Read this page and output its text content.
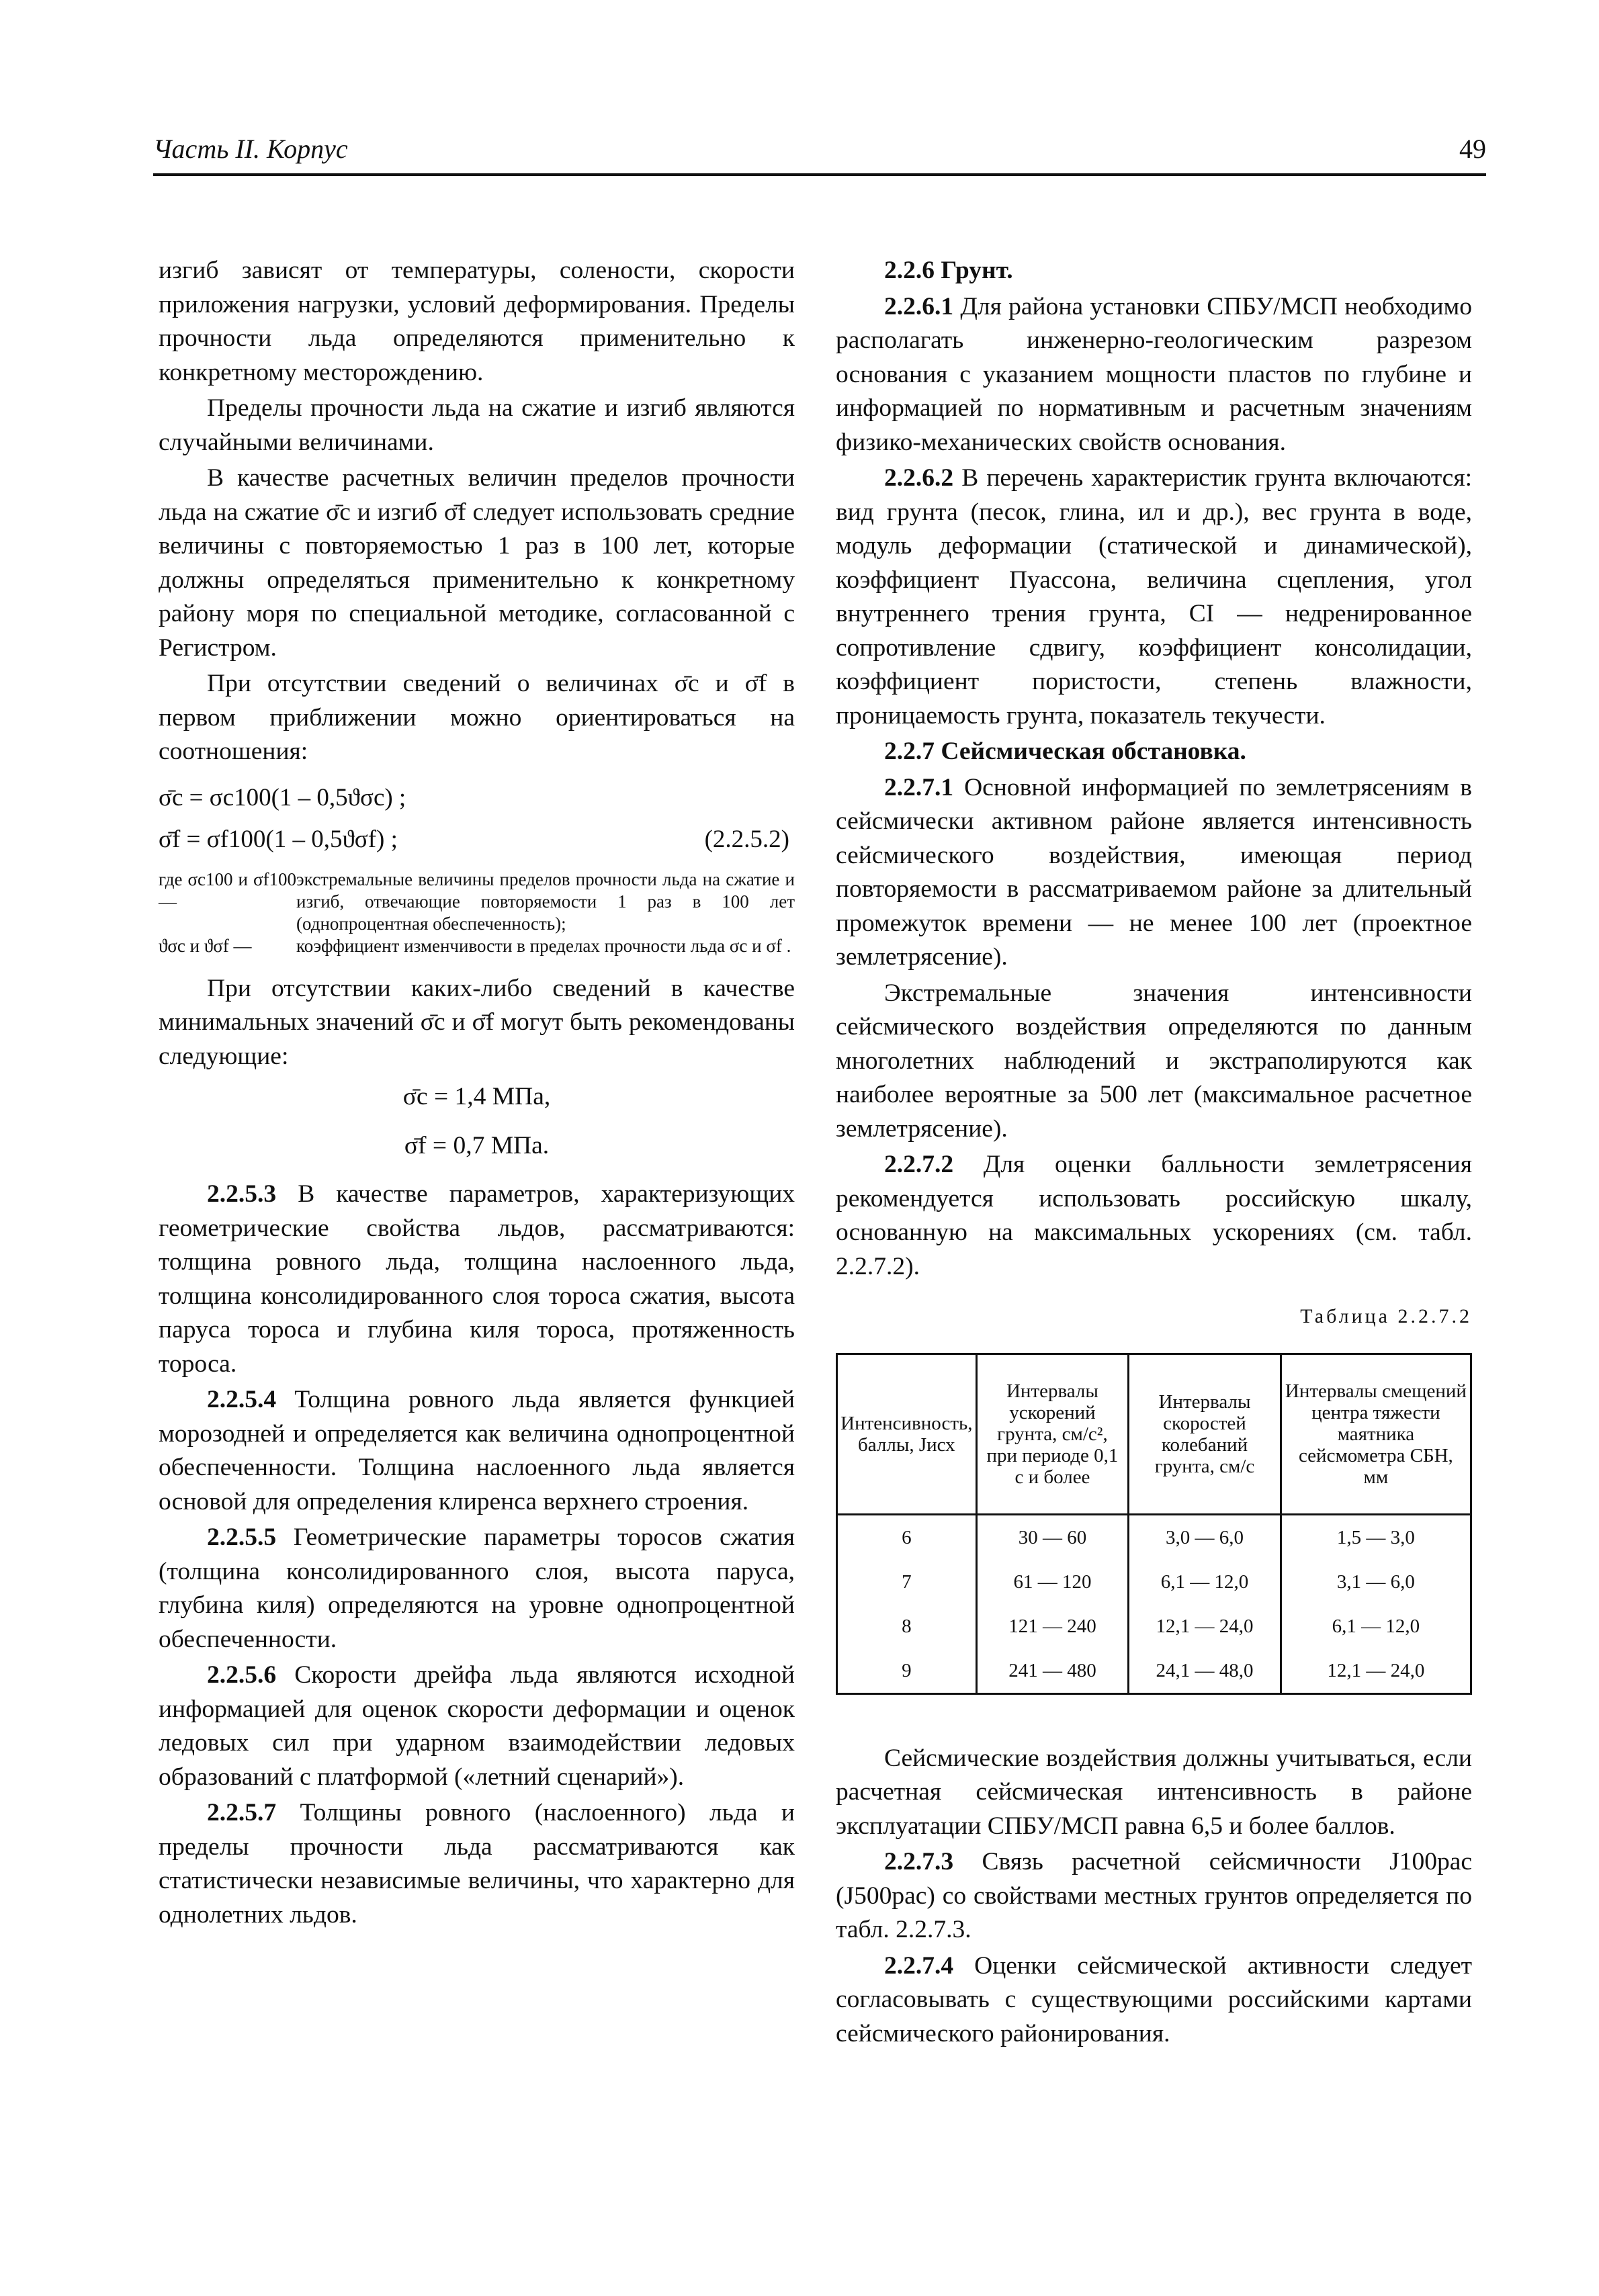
Часть II. Корпус	49

изгиб зависят от температуры, солености, скорости приложения нагрузки, условий деформирования. Пределы прочности льда определяются применительно к конкретному месторождению.

Пределы прочности льда на сжатие и изгиб являются случайными величинами.

В качестве расчетных величин пределов прочности льда на сжатие σ̄c и изгиб σ̄f следует использовать средние величины с повторяемостью 1 раз в 100 лет, которые должны определяться применительно к конкретному району моря по специальной методике, согласованной с Регистром.

При отсутствии сведений о величинах σ̄c и σ̄f в первом приближении можно ориентироваться на соотношения:

σ̄c = σc100(1 – 0,5ϑσc) ;
(2.2.5.2)
σ̄f = σf100(1 – 0,5ϑσf) ;
где σc100 и σf100 —
экстремальные величины пределов прочности льда на сжатие и изгиб, отвечающие повторяемости 1 раз в 100 лет (однопроцентная обеспеченность);
ϑσc и ϑσf —	коэффициент изменчивости в пределах прочности льда σc и σf .

При отсутствии каких-либо сведений в качестве минимальных значений σ̄c и σ̄f могут быть рекомендованы следующие:

σ̄c = 1,4 МПа,

σ̄f = 0,7 МПа.

2.2.5.3 В качестве параметров, характеризующих геометрические свойства льдов, рассматриваются: толщина ровного льда, толщина наслоенного льда, толщина консолидированного слоя тороса сжатия, высота паруса тороса и глубина киля тороса, протяженность тороса.

2.2.5.4 Толщина ровного льда является функцией морозодней и определяется как величина однопроцентной обеспеченности. Толщина наслоенного льда является основой для определения клиренса верхнего строения.

2.2.5.5 Геометрические параметры торосов сжатия (толщина консолидированного слоя, высота паруса, глубина киля) определяются на уровне однопроцентной обеспеченности.

2.2.5.6 Скорости дрейфа льда являются исходной информацией для оценок скорости деформации и оценок ледовых сил при ударном взаимодействии ледовых образований с платформой («летний сценарий»).

2.2.5.7 Толщины ровного (наслоенного) льда и пределы прочности льда рассматриваются как статистически независимые величины, что характерно для однолетних льдов.

2.2.6 Грунт.

2.2.6.1 Для района установки СПБУ/МСП необходимо располагать инженерно-геологическим разрезом основания с указанием мощности пластов по глубине и информацией по нормативным и расчетным значениям физико-механических свойств основания.

2.2.6.2 В перечень характеристик грунта включаются: вид грунта (песок, глина, ил и др.), вес грунта в воде, модуль деформации (статической и динамической), коэффициент Пуассона, величина сцепления, угол внутреннего трения грунта, CI — недренированное сопротивление сдвигу, коэффициент консолидации, коэффициент пористости, степень влажности, проницаемость грунта, показатель текучести.

2.2.7 Сейсмическая обстановка.

2.2.7.1 Основной информацией по землетрясениям в сейсмически активном районе является интенсивность сейсмического воздействия, имеющая период повторяемости в рассматриваемом районе за длительный промежуток времени — не менее 100 лет (проектное землетрясение).

Экстремальные значения интенсивности сейсмического воздействия определяются по данным многолетних наблюдений и экстраполируются как наиболее вероятные за 500 лет (максимальное расчетное землетрясение).

2.2.7.2 Для оценки балльности землетрясения рекомендуется использовать российскую шкалу, основанную на максимальных ускорениях (см. табл. 2.2.7.2).

Таблица 2.2.7.2
Интенсивность, баллы, Jисх	Интервалы ускорений грунта, см/с², при периоде 0,1 с и более	Интервалы скоростей колебаний грунта, см/с	Интервалы смещений центра тяжести маятника сейсмометра СБН, мм
6	30 — 60	3,0 — 6,0	1,5 — 3,0
7	61 — 120	6,1 — 12,0	3,1 — 6,0
8	121 — 240	12,1 — 24,0	6,1 — 12,0
9	241 — 480	24,1 — 48,0	12,1 — 24,0

Сейсмические воздействия должны учитываться, если расчетная сейсмическая интенсивность в районе эксплуатации СПБУ/МСП равна 6,5 и более баллов.

2.2.7.3 Связь расчетной сейсмичности J100рас (J500рас) со свойствами местных грунтов определяется по табл. 2.2.7.3.

2.2.7.4 Оценки сейсмической активности следует согласовывать с существующими российскими картами сейсмического районирования.
